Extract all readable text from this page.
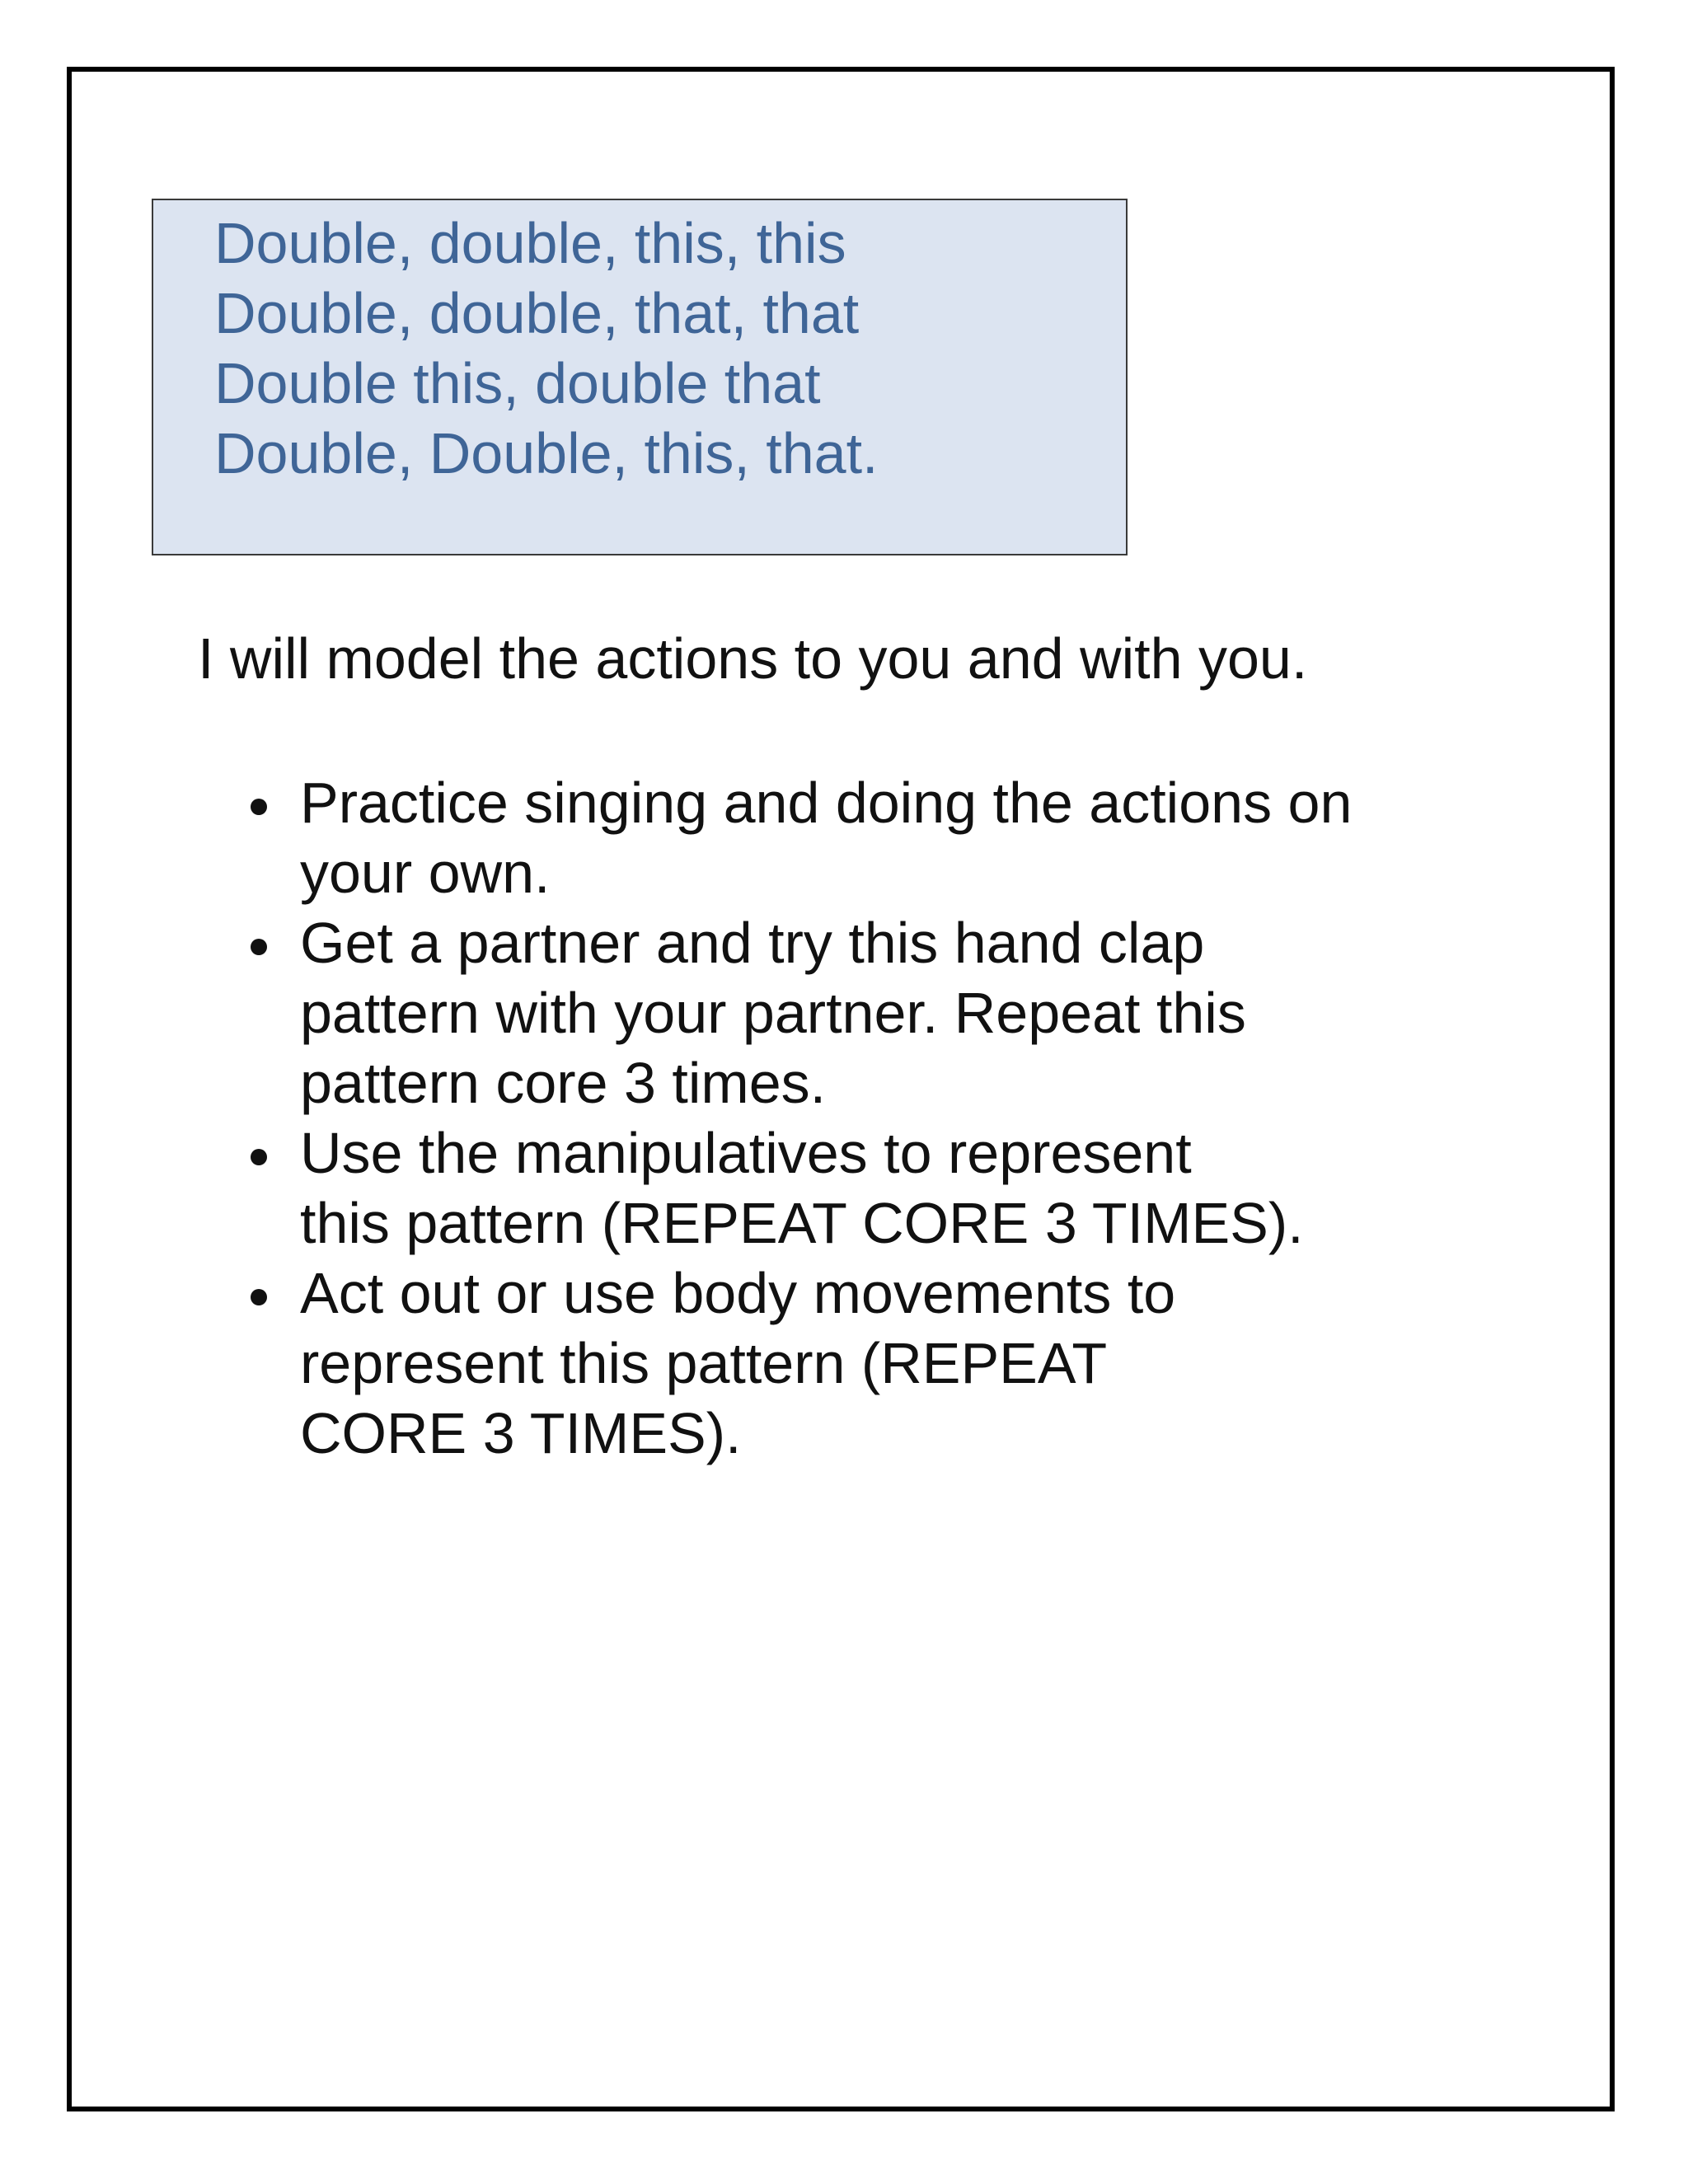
Double, double, this, this
Double, double, that, that
Double this, double that
Double, Double, this, that.

I will model the actions to you and with you.

Practice singing and doing the actions on
your own.
Get a partner and try this hand clap
pattern with your partner. Repeat this
pattern core 3 times.
Use the manipulatives to represent
this pattern (REPEAT CORE 3 TIMES).
Act out or use body movements to
represent this pattern (REPEAT
CORE 3 TIMES).
